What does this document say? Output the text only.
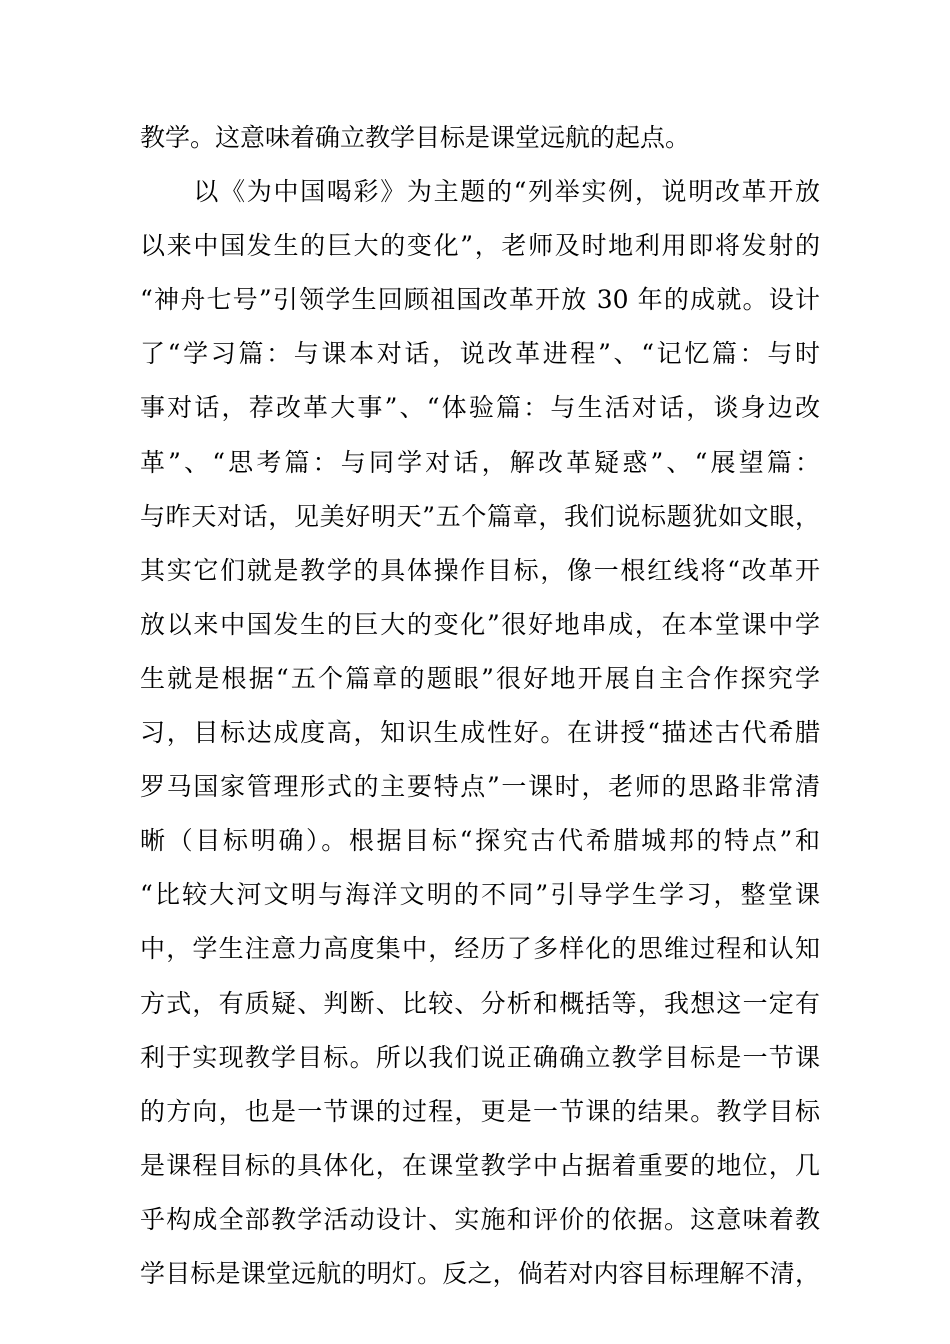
教学。这意味着确立教学目标是课堂远航的起点。
　　以《为中国喝彩》为主题的“列举实例，说明改革开放
以来中国发生的巨大的变化”，老师及时地利用即将发射的
“神舟七号”引领学生回顾祖国改革开放 30 年的成就。设计
了“学习篇：与课本对话，说改革进程”、“记忆篇：与时
事对话，荐改革大事”、“体验篇：与生活对话，谈身边改
革”、“思考篇：与同学对话，解改革疑惑”、“展望篇：
与昨天对话，见美好明天”五个篇章，我们说标题犹如文眼，
其实它们就是教学的具体操作目标，像一根红线将“改革开
放以来中国发生的巨大的变化”很好地串成，在本堂课中学
生就是根据“五个篇章的题眼”很好地开展自主合作探究学
习，目标达成度高，知识生成性好。在讲授“描述古代希腊
罗马国家管理形式的主要特点”一课时，老师的思路非常清
晰（目标明确）。根据目标“探究古代希腊城邦的特点”和
“比较大河文明与海洋文明的不同”引导学生学习，整堂课
中，学生注意力高度集中，经历了多样化的思维过程和认知
方式，有质疑、判断、比较、分析和概括等，我想这一定有
利于实现教学目标。所以我们说正确确立教学目标是一节课
的方向，也是一节课的过程，更是一节课的结果。教学目标
是课程目标的具体化，在课堂教学中占据着重要的地位，几
乎构成全部教学活动设计、实施和评价的依据。这意味着教
学目标是课堂远航的明灯。反之，倘若对内容目标理解不清，
